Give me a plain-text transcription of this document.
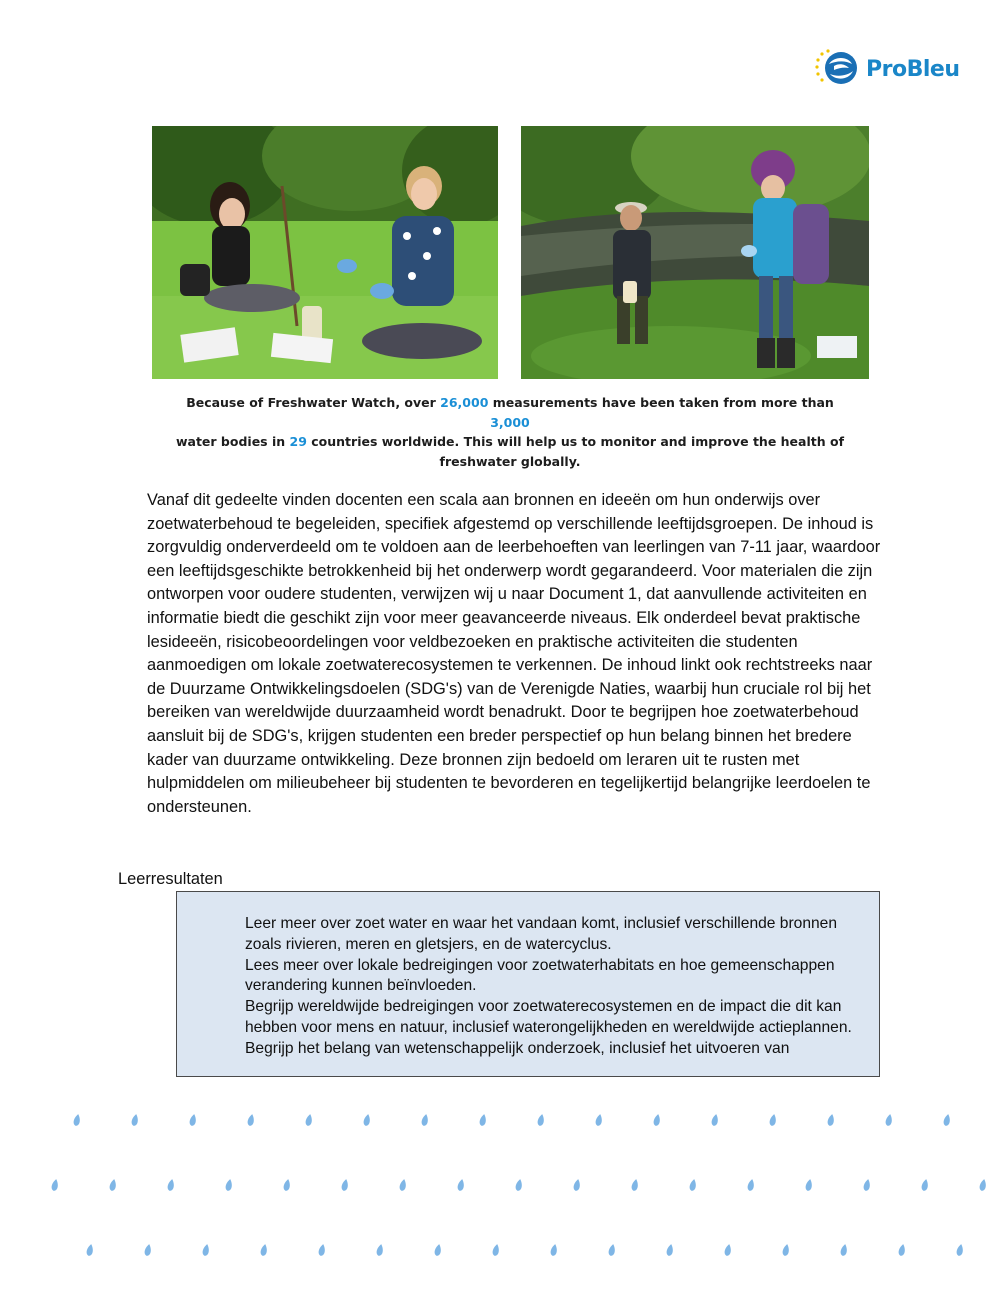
ProBleu
Because of Freshwater Watch, over 26,000 measurements have been taken from more than 3,000
water bodies in 29 countries worldwide. This will help us to monitor and improve the health of freshwater globally.

Vanaf dit gedeelte vinden docenten een scala aan bronnen en ideeën om hun onderwijs over zoetwaterbehoud te begeleiden, specifiek afgestemd op verschillende leeftijdsgroepen. De inhoud is zorgvuldig onderverdeeld om te voldoen aan de leerbehoeften van leerlingen van 7-11 jaar, waardoor een leeftijdsgeschikte betrokkenheid bij het onderwerp wordt gegarandeerd. Voor materialen die zijn ontworpen voor oudere studenten, verwijzen wij u naar Document 1, dat aanvullende activiteiten en informatie biedt die geschikt zijn voor meer geavanceerde niveaus. Elk onderdeel bevat praktische lesideeën, risicobeoordelingen voor veldbezoeken en praktische activiteiten die studenten aanmoedigen om lokale zoetwaterecosystemen te verkennen. De inhoud linkt ook rechtstreeks naar de Duurzame Ontwikkelingsdoelen (SDG's) van de Verenigde Naties, waarbij hun cruciale rol bij het bereiken van wereldwijde duurzaamheid wordt benadrukt. Door te begrijpen hoe zoetwaterbehoud aansluit bij de SDG's, krijgen studenten een breder perspectief op hun belang binnen het bredere kader van duurzame ontwikkeling. Deze bronnen zijn bedoeld om leraren uit te rusten met hulpmiddelen om milieubeheer bij studenten te bevorderen en tegelijkertijd belangrijke leerdoelen te ondersteunen.

Leerresultaten

Leer meer over zoet water en waar het vandaan komt, inclusief verschillende bronnen zoals rivieren, meren en gletsjers, en de watercyclus.
Lees meer over lokale bedreigingen voor zoetwaterhabitats en hoe gemeenschappen verandering kunnen beïnvloeden.
Begrijp wereldwijde bedreigingen voor zoetwaterecosystemen en de impact die dit kan hebben voor mens en natuur, inclusief waterongelijkheden en wereldwijde actieplannen.
Begrijp het belang van wetenschappelijk onderzoek, inclusief het uitvoeren van
